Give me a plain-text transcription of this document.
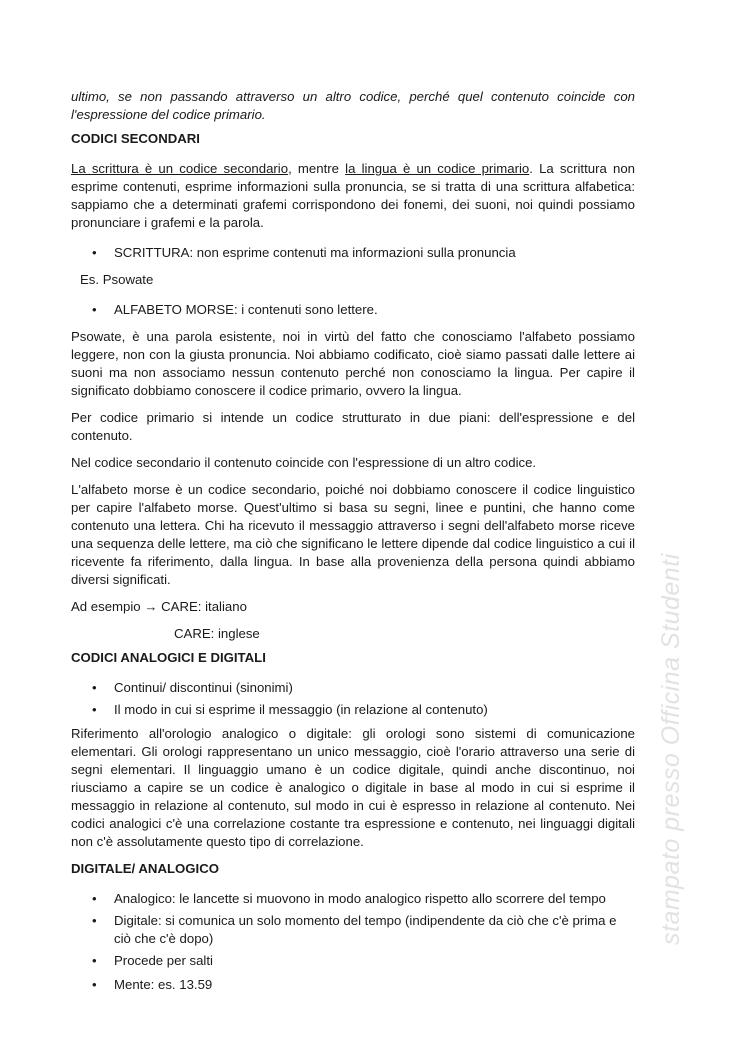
ultimo, se non passando attraverso un altro codice, perché quel contenuto coincide con l'espressione del codice primario.

CODICI SECONDARI

La scrittura è un codice secondario, mentre la lingua è un codice primario. La scrittura non esprime contenuti, esprime informazioni sulla pronuncia, se si tratta di una scrittura alfabetica: sappiamo che a determinati grafemi corrispondono dei fonemi, dei suoni, noi quindi possiamo pronunciare i grafemi e la parola.

• SCRITTURA: non esprime contenuti ma informazioni sulla pronuncia

Es. Psowate

• ALFABETO MORSE: i contenuti sono lettere.

Psowate, è una parola esistente, noi in virtù del fatto che conosciamo l'alfabeto possiamo leggere, non con la giusta pronuncia. Noi abbiamo codificato, cioè siamo passati dalle lettere ai suoni ma non associamo nessun contenuto perché non conosciamo la lingua. Per capire il significato dobbiamo conoscere il codice primario, ovvero la lingua.

Per codice primario si intende un codice strutturato in due piani: dell'espressione e del contenuto.

Nel codice secondario il contenuto coincide con l'espressione di un altro codice.

L'alfabeto morse è un codice secondario, poiché noi dobbiamo conoscere il codice linguistico per capire l'alfabeto morse. Quest'ultimo si basa su segni, linee e puntini, che hanno come contenuto una lettera. Chi ha ricevuto il messaggio attraverso i segni dell'alfabeto morse riceve una sequenza delle lettere, ma ciò che significano le lettere dipende dal codice linguistico a cui il ricevente fa riferimento, dalla lingua. In base alla provenienza della persona quindi abbiamo diversi significati.

Ad esempio → CARE: italiano

CARE: inglese

CODICI ANALOGICI E DIGITALI
• Continui/ discontinui (sinonimi)
• Il modo in cui si esprime il messaggio (in relazione al contenuto)

Riferimento all'orologio analogico o digitale: gli orologi sono sistemi di comunicazione elementari. Gli orologi rappresentano un unico messaggio, cioè l'orario attraverso una serie di segni elementari. Il linguaggio umano è un codice digitale, quindi anche discontinuo, noi riusciamo a capire se un codice è analogico o digitale in base al modo in cui si esprime il messaggio in relazione al contenuto, sul modo in cui è espresso in relazione al contenuto. Nei codici analogici c'è una correlazione costante tra espressione e contenuto, nei linguaggi digitali non c'è assolutamente questo tipo di correlazione.

DIGITALE/ ANALOGICO
• Analogico: le lancette si muovono in modo analogico rispetto allo scorrere del tempo
• Digitale: si comunica un solo momento del tempo (indipendente da ciò che c'è prima e ciò che c'è dopo)
• Procede per salti
• Mente: es. 13.59
stampato presso Officina Studenti
